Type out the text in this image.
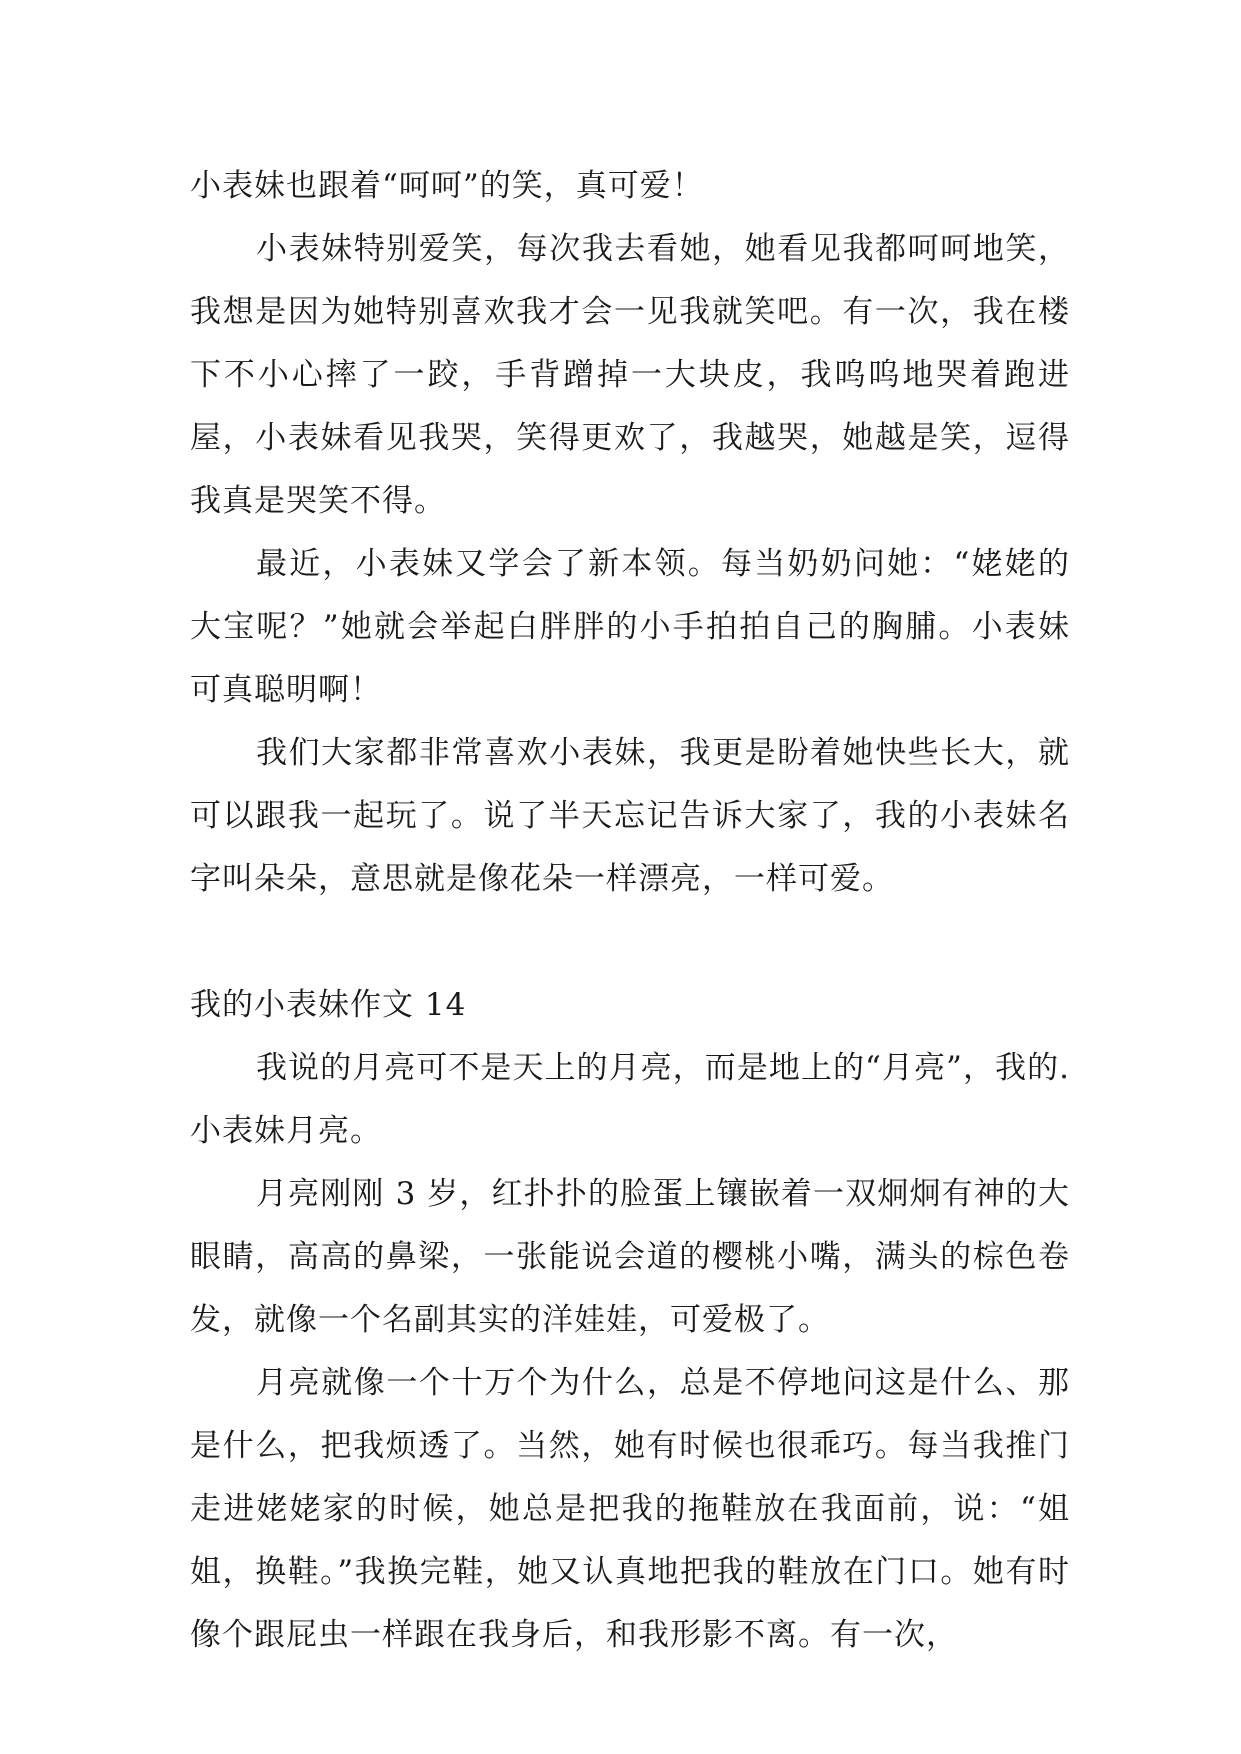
小表妹也跟着“呵呵”的笑，真可爱！

小表妹特别爱笑，每次我去看她，她看见我都呵呵地笑，我想是因为她特别喜欢我才会一见我就笑吧。有一次，我在楼下不小心摔了一跤，手背蹭掉一大块皮，我呜呜地哭着跑进屋，小表妹看见我哭，笑得更欢了，我越哭，她越是笑，逗得我真是哭笑不得。

最近，小表妹又学会了新本领。每当奶奶问她：“姥姥的大宝呢？”她就会举起白胖胖的小手拍拍自己的胸脯。小表妹可真聪明啊！

我们大家都非常喜欢小表妹，我更是盼着她快些长大，就可以跟我一起玩了。说了半天忘记告诉大家了，我的小表妹名字叫朵朵，意思就是像花朵一样漂亮，一样可爱。

我的小表妹作文 14

我说的月亮可不是天上的月亮，而是地上的“月亮”，我的.小表妹月亮。

月亮刚刚 3 岁，红扑扑的脸蛋上镶嵌着一双炯炯有神的大眼睛，高高的鼻梁，一张能说会道的樱桃小嘴，满头的棕色卷发，就像一个名副其实的洋娃娃，可爱极了。

月亮就像一个十万个为什么，总是不停地问这是什么、那是什么，把我烦透了。当然，她有时候也很乖巧。每当我推门走进姥姥家的时候，她总是把我的拖鞋放在我面前，说：“姐姐，换鞋。”我换完鞋，她又认真地把我的鞋放在门口。她有时像个跟屁虫一样跟在我身后，和我形影不离。有一次，
